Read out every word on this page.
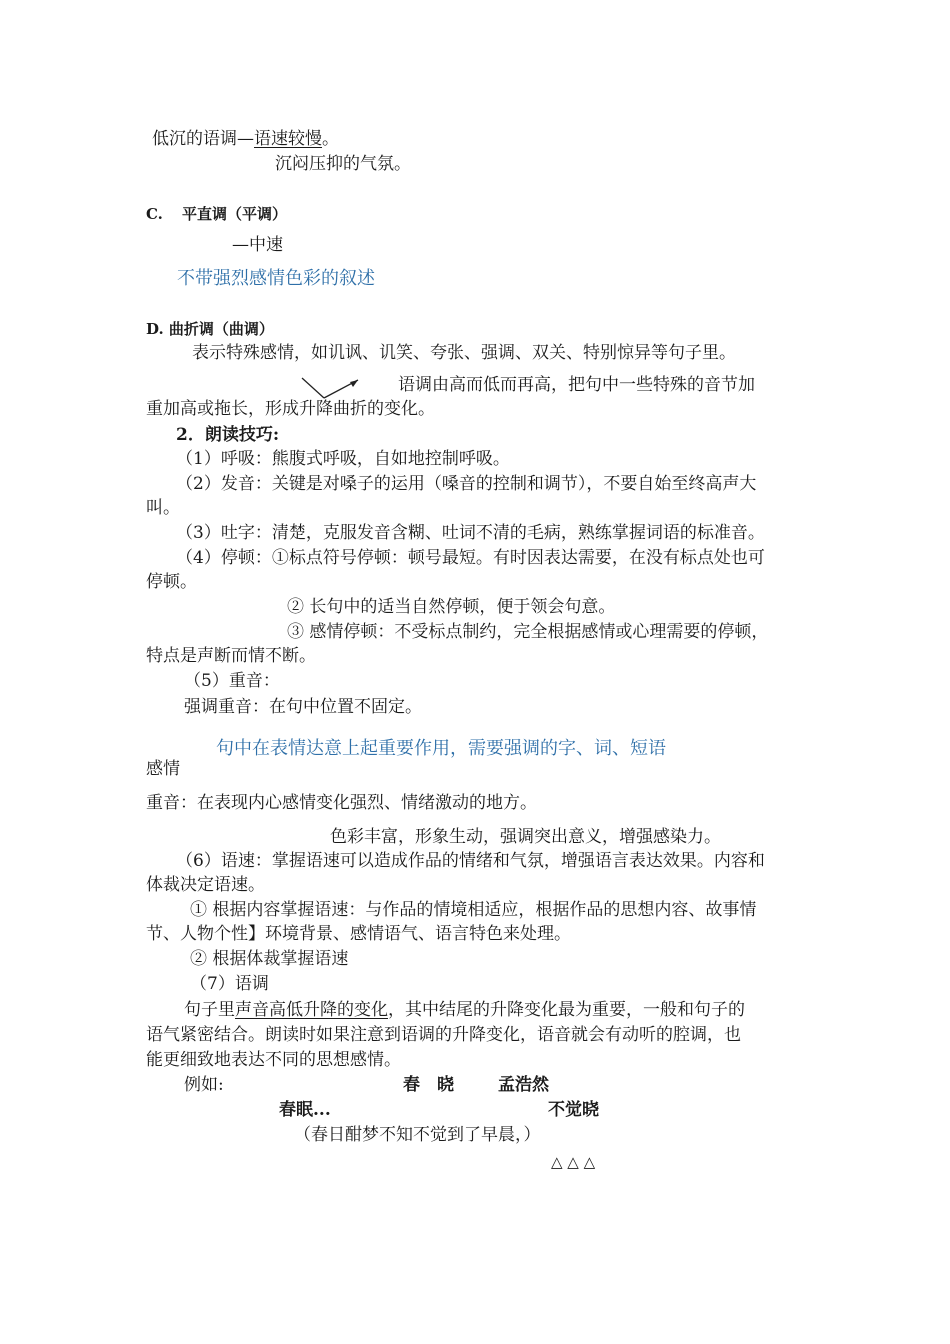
低沉的语调—语速较慢。
沉闷压抑的气氛。
C. 平直调（平调）
—中速
不带强烈感情色彩的叙述
D. 曲折调（曲调）
表示特殊感情，如讥讽、讥笑、夸张、强调、双关、特别惊异等句子里。
语调由高而低而再高，把句中一些特殊的音节加
重加高或拖长，形成升降曲折的变化。
2．朗读技巧:
（1）呼吸：熊腹式呼吸，自如地控制呼吸。
（2）发音：关键是对嗓子的运用（嗓音的控制和调节），不要自始至终高声大
叫。
（3）吐字：清楚，克服发音含糊、吐词不清的毛病，熟练掌握词语的标准音。
（4）停顿：①标点符号停顿：顿号最短。有时因表达需要，在没有标点处也可
停顿。
② 长句中的适当自然停顿，便于领会句意。
③ 感情停顿：不受标点制约，完全根据感情或心理需要的停顿，
特点是声断而情不断。
（5）重音：
强调重音：在句中位置不固定。
句中在表情达意上起重要作用，需要强调的字、词、短语
感情
重音：在表现内心感情变化强烈、情绪激动的地方。
色彩丰富，形象生动，强调突出意义，增强感染力。
（6）语速：掌握语速可以造成作品的情绪和气氛，增强语言表达效果。内容和
体裁决定语速。
① 根据内容掌握语速：与作品的情境相适应，根据作品的思想内容、故事情
节、人物个性】环境背景、感情语气、语言特色来处理。
② 根据体裁掌握语速
（7）语调
句子里声音高低升降的变化，其中结尾的升降变化最为重要，一般和句子的
语气紧密结合。朗读时如果注意到语调的升降变化，语音就会有动听的腔调，也
能更细致地表达不同的思想感情。
例如:	春　晓	孟浩然
春眠...	不觉晓
（春日酣梦不知不觉到了早晨，）
△ △ △
